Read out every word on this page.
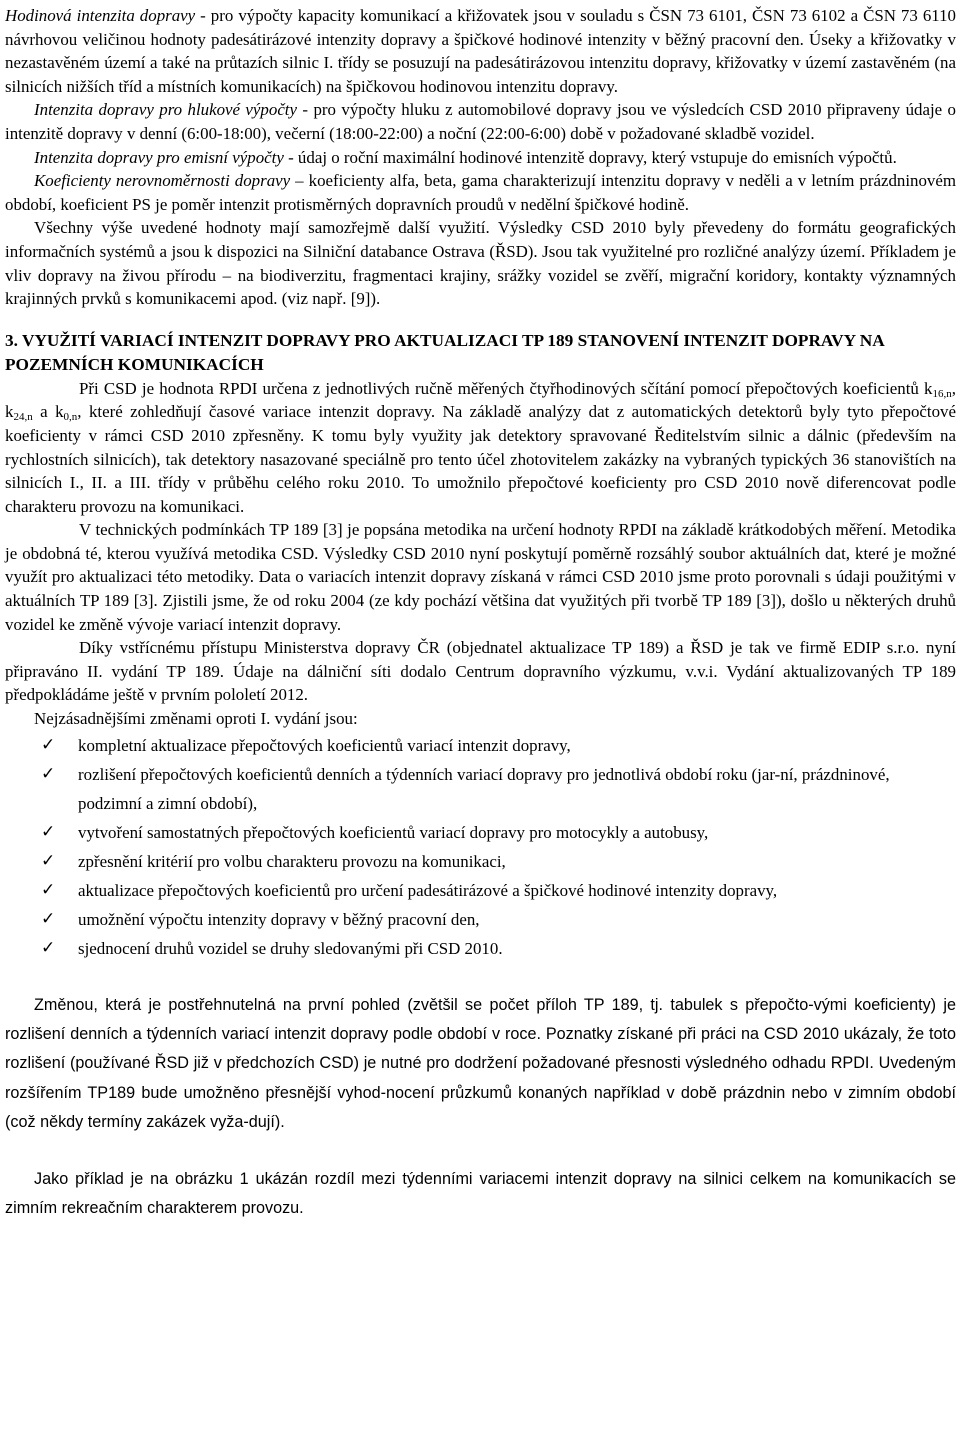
Hodinová intenzita dopravy - pro výpočty kapacity komunikací a křižovatek jsou v souladu s ČSN 73 6101, ČSN 73 6102 a ČSN 73 6110 návrhovou veličinou hodnoty padesátirázové intenzity dopravy a špičkové hodinové intenzity v běžný pracovní den. Úseky a křižovatky v nezastavěném území a také na průtazích silnic I. třídy se posuzují na padesátirázovou intenzitu dopravy, křižovatky v území zastavěném (na silnicích nižších tříd a místních komunikacích) na špičkovou hodinovou intenzitu dopravy.

Intenzita dopravy pro hlukové výpočty - pro výpočty hluku z automobilové dopravy jsou ve výsledcích CSD 2010 připraveny údaje o intenzitě dopravy v denní (6:00-18:00), večerní (18:00-22:00) a noční (22:00-6:00) době v požadované skladbě vozidel.

Intenzita dopravy pro emisní výpočty - údaj o roční maximální hodinové intenzitě dopravy, který vstupuje do emisních výpočtů.

Koeficienty nerovnoměrnosti dopravy – koeficienty alfa, beta, gama charakterizují intenzitu dopravy v neděli a v letním prázdninovém období, koeficient PS je poměr intenzit protisměrných dopravních proudů v nedělní špičkové hodině.

Všechny výše uvedené hodnoty mají samozřejmě další využití. Výsledky CSD 2010 byly převedeny do formátu geografických informačních systémů a jsou k dispozici na Silniční databance Ostrava (ŘSD). Jsou tak využitelné pro rozličné analýzy území. Příkladem je vliv dopravy na živou přírodu – na biodiverzitu, fragmentaci krajiny, srážky vozidel se zvěří, migrační koridory, kontakty významných krajinných prvků s komunikacemi apod. (viz např. [9]).

3. VYUŽITÍ VARIACÍ INTENZIT DOPRAVY PRO AKTUALIZACI TP 189 STANOVENÍ INTENZIT DOPRAVY NA POZEMNÍCH KOMUNIKACÍCH

Při CSD je hodnota RPDI určena z jednotlivých ručně měřených čtyřhodinových sčítání pomocí přepočtových koeficientů $k_{16,n}$, $k_{24,n}$ a $k_{0,n}$, které zohledňují časové variace intenzit dopravy. Na základě analýzy dat z automatických detektorů byly tyto přepočtové koeficienty v rámci CSD 2010 zpřesněny. K tomu byly využity jak detektory spravované Ředitelstvím silnic a dálnic (především na rychlostních silnicích), tak detektory nasazované speciálně pro tento účel zhotovitelem zakázky na vybraných typických 36 stanovištích na silnicích I., II. a III. třídy v průběhu celého roku 2010. To umožnilo přepočtové koeficienty pro CSD 2010 nově diferencovat podle charakteru provozu na komunikaci.

V technických podmínkách TP 189 [3] je popsána metodika na určení hodnoty RPDI na základě krátkodobých měření. Metodika je obdobná té, kterou využívá metodika CSD. Výsledky CSD 2010 nyní poskytují poměrně rozsáhlý soubor aktuálních dat, které je možné využít pro aktualizaci této metodiky. Data o variacích intenzit dopravy získaná v rámci CSD 2010 jsme proto porovnali s údaji použitými v aktuálních TP 189 [3]. Zjistili jsme, že od roku 2004 (ze kdy pochází většina dat využitých při tvorbě TP 189 [3]), došlo u některých druhů vozidel ke změně vývoje variací intenzit dopravy.

Díky vstřícnému přístupu Ministerstva dopravy ČR (objednatel aktualizace TP 189) a ŘSD je tak ve firmě EDIP s.r.o. nyní připraváno II. vydání TP 189. Údaje na dálniční síti dodalo Centrum dopravního výzkumu, v.v.i. Vydání aktualizovaných TP 189 předpokládáme ještě v prvním pololetí 2012.

Nejzásadnějšími změnami oproti I. vydání jsou:

✓ kompletní aktualizace přepočtových koeficientů variací intenzit dopravy,
✓ rozlišení přepočtových koeficientů denních a týdenních variací dopravy pro jednotlivá období roku (jar-ní, prázdninové, podzimní a zimní období),
✓ vytvoření samostatných přepočtových koeficientů variací dopravy pro motocykly a autobusy,
✓ zpřesnění kritérií pro volbu charakteru provozu na komunikaci,
✓ aktualizace přepočtových koeficientů pro určení padesátirázové a špičkové hodinové intenzity dopravy,
✓ umožnění výpočtu intenzity dopravy v běžný pracovní den,
✓ sjednocení druhů vozidel se druhy sledovanými při CSD 2010.

Změnou, která je postřehnutelná na první pohled (zvětšil se počet příloh TP 189, tj. tabulek s přepočto-vými koeficienty) je rozlišení denních a týdenních variací intenzit dopravy podle období v roce. Poznatky získané při práci na CSD 2010 ukázaly, že toto rozlišení (používané ŘSD již v předchozích CSD) je nutné pro dodržení požadované přesnosti výsledného odhadu RPDI. Uvedeným rozšířením TP189 bude umožněno přesnější vyhod-nocení průzkumů konaných například v době prázdnin nebo v zimním období (což někdy termíny zakázek vyža-dují).

Jako příklad je na obrázku 1 ukázán rozdíl mezi týdenními variacemi intenzit dopravy na silnici celkem na komunikacích se zimním rekreačním charakterem provozu.
